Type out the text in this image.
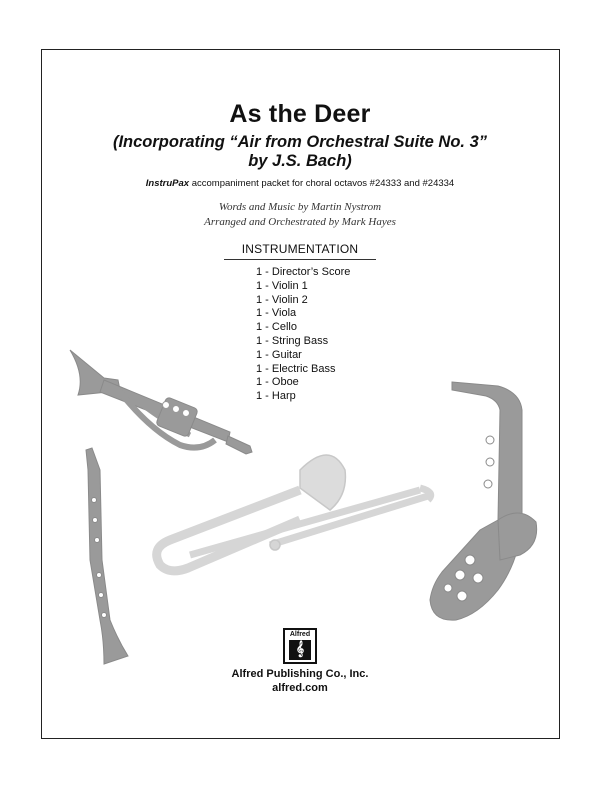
As the Deer
(Incorporating “Air from Orchestral Suite No. 3”
by J.S. Bach)
InstruPax accompaniment packet for choral octavos #24333 and #24334
Words and Music by Martin Nystrom
Arranged and Orchestrated by Mark Hayes
INSTRUMENTATION
1 - Director’s Score
1 - Violin 1
1 - Violin 2
1 - Viola
1 - Cello
1 - String Bass
1 - Guitar
1 - Electric Bass
1 - Oboe
1 - Harp
Alfred
𝄞
Alfred Publishing Co., Inc.
alfred.com
